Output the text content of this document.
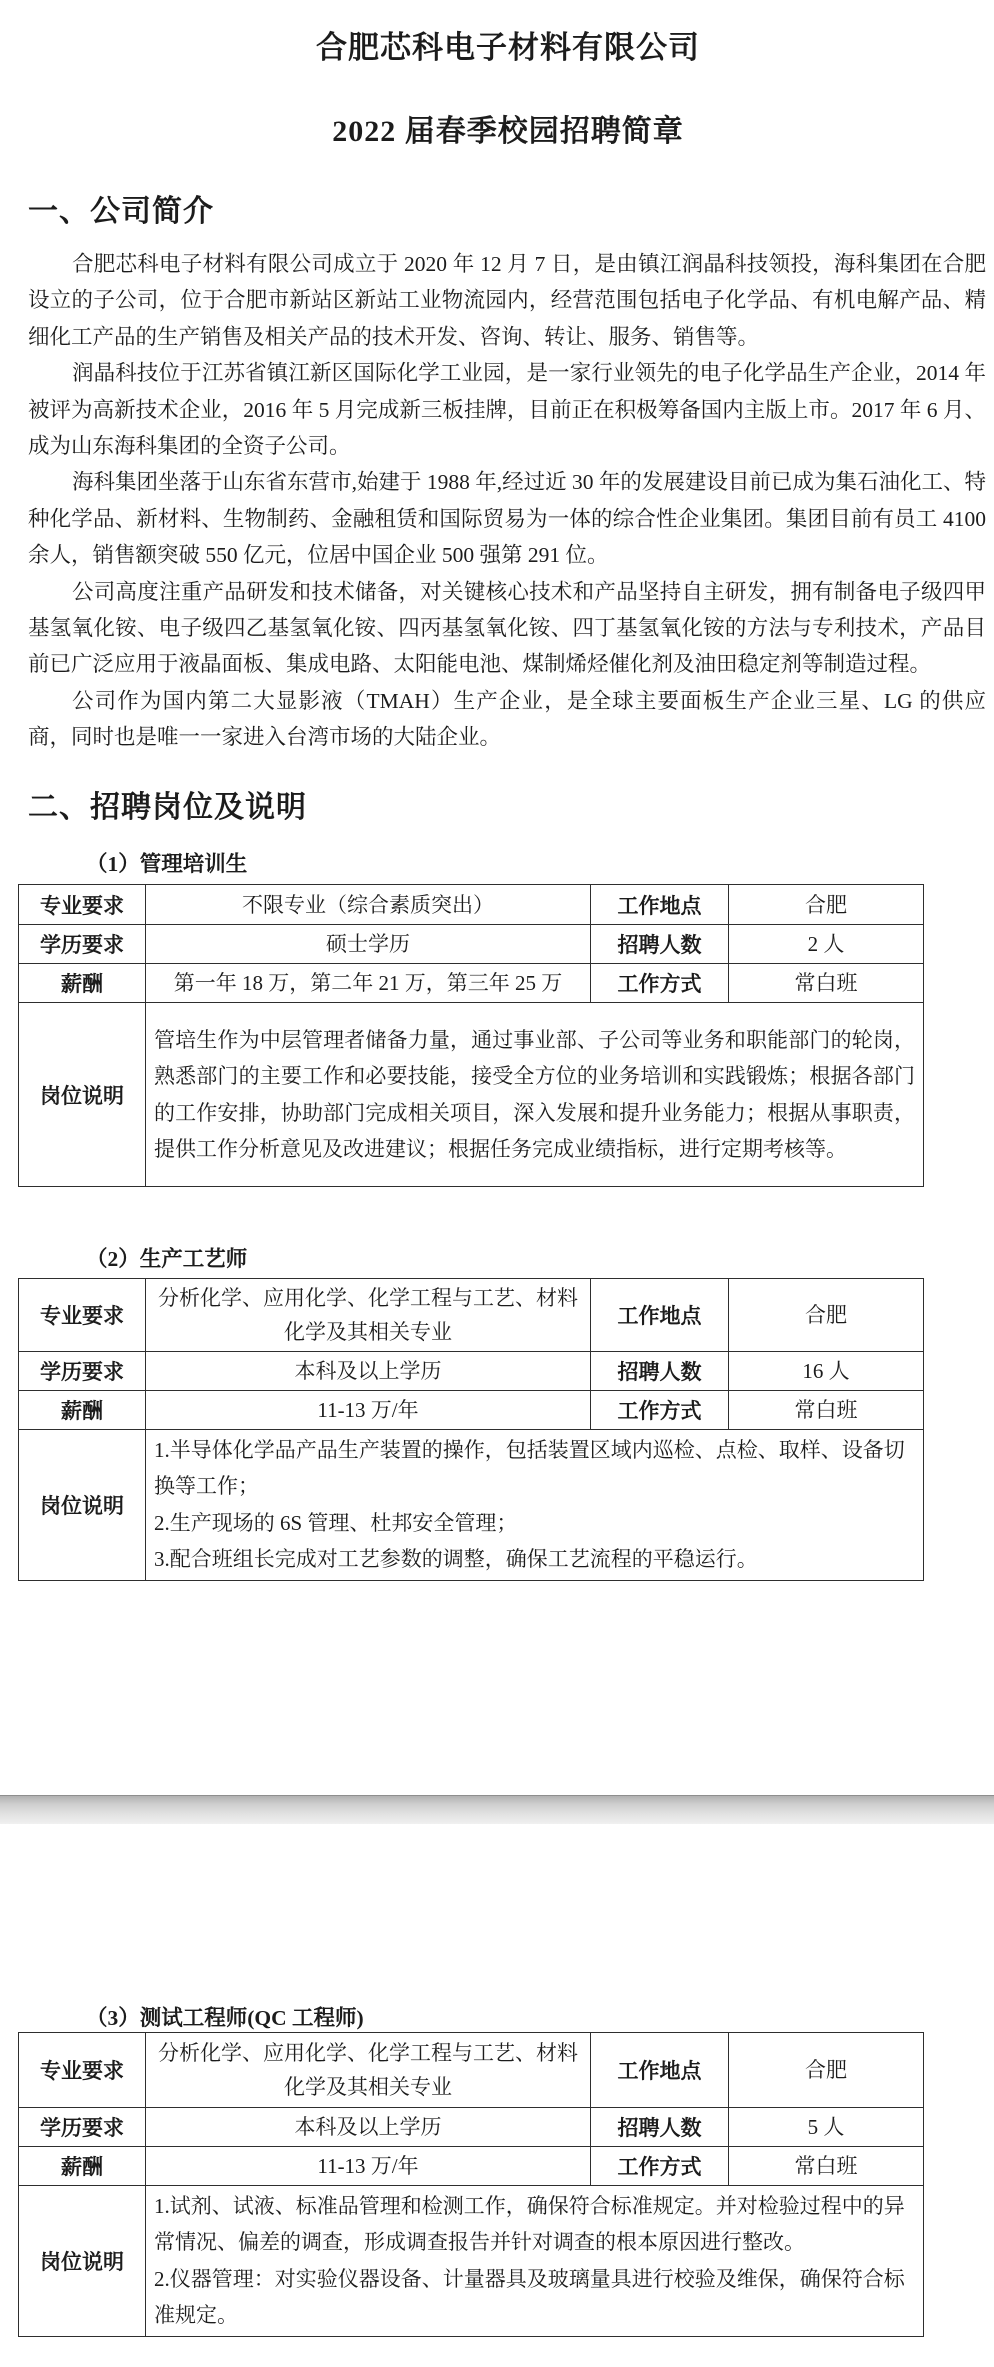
合肥芯科电子材料有限公司
2022 届春季校园招聘简章
一、公司简介

合肥芯科电子材料有限公司成立于 2020 年 12 月 7 日，是由镇江润晶科技领投，海科集团在合肥设立的子公司，位于合肥市新站区新站工业物流园内，经营范围包括电子化学品、有机电解产品、精细化工产品的生产销售及相关产品的技术开发、咨询、转让、服务、销售等。

润晶科技位于江苏省镇江新区国际化学工业园，是一家行业领先的电子化学品生产企业，2014 年被评为高新技术企业，2016 年 5 月完成新三板挂牌，目前正在积极筹备国内主版上市。2017 年 6 月、成为山东海科集团的全资子公司。

海科集团坐落于山东省东营市,始建于 1988 年,经过近 30 年的发展建设目前已成为集石油化工、特种化学品、新材料、生物制药、金融租赁和国际贸易为一体的综合性企业集团。集团目前有员工 4100 余人，销售额突破 550 亿元，位居中国企业 500 强第 291 位。

公司高度注重产品研发和技术储备，对关键核心技术和产品坚持自主研发，拥有制备电子级四甲基氢氧化铵、电子级四乙基氢氧化铵、四丙基氢氧化铵、四丁基氢氧化铵的方法与专利技术，产品目前已广泛应用于液晶面板、集成电路、太阳能电池、煤制烯烃催化剂及油田稳定剂等制造过程。

公司作为国内第二大显影液（TMAH）生产企业，是全球主要面板生产企业三星、LG 的供应商，同时也是唯一一家进入台湾市场的大陆企业。

二、招聘岗位及说明
（1）管理培训生
专业要求	不限专业（综合素质突出）	工作地点	合肥
学历要求	硕士学历	招聘人数	2 人
薪酬	第一年 18 万，第二年 21 万，第三年 25 万	工作方式	常白班
岗位说明	管培生作为中层管理者储备力量，通过事业部、子公司等业务和职能部门的轮岗，熟悉部门的主要工作和必要技能，接受全方位的业务培训和实践锻炼；根据各部门的工作安排，协助部门完成相关项目，深入发展和提升业务能力；根据从事职责，提供工作分析意见及改进建议；根据任务完成业绩指标，进行定期考核等。		
（2）生产工艺师
专业要求	分析化学、应用化学、化学工程与工艺、材料化学及其相关专业	工作地点	合肥
学历要求	本科及以上学历	招聘人数	16 人
薪酬	11-13 万/年	工作方式	常白班
岗位说明	1.半导体化学品产品生产装置的操作，包括装置区域内巡检、点检、取样、设备切换等工作；
2.生产现场的 6S 管理、杜邦安全管理；
3.配合班组长完成对工艺参数的调整，确保工艺流程的平稳运行。		
（3）测试工程师(QC 工程师)
专业要求	分析化学、应用化学、化学工程与工艺、材料化学及其相关专业	工作地点	合肥
学历要求	本科及以上学历	招聘人数	5 人
薪酬	11-13 万/年	工作方式	常白班
岗位说明	1.试剂、试液、标准品管理和检测工作，确保符合标准规定。并对检验过程中的异常情况、偏差的调查，形成调查报告并针对调查的根本原因进行整改。
2.仪器管理：对实验仪器设备、计量器具及玻璃量具进行校验及维保，确保符合标准规定。		
